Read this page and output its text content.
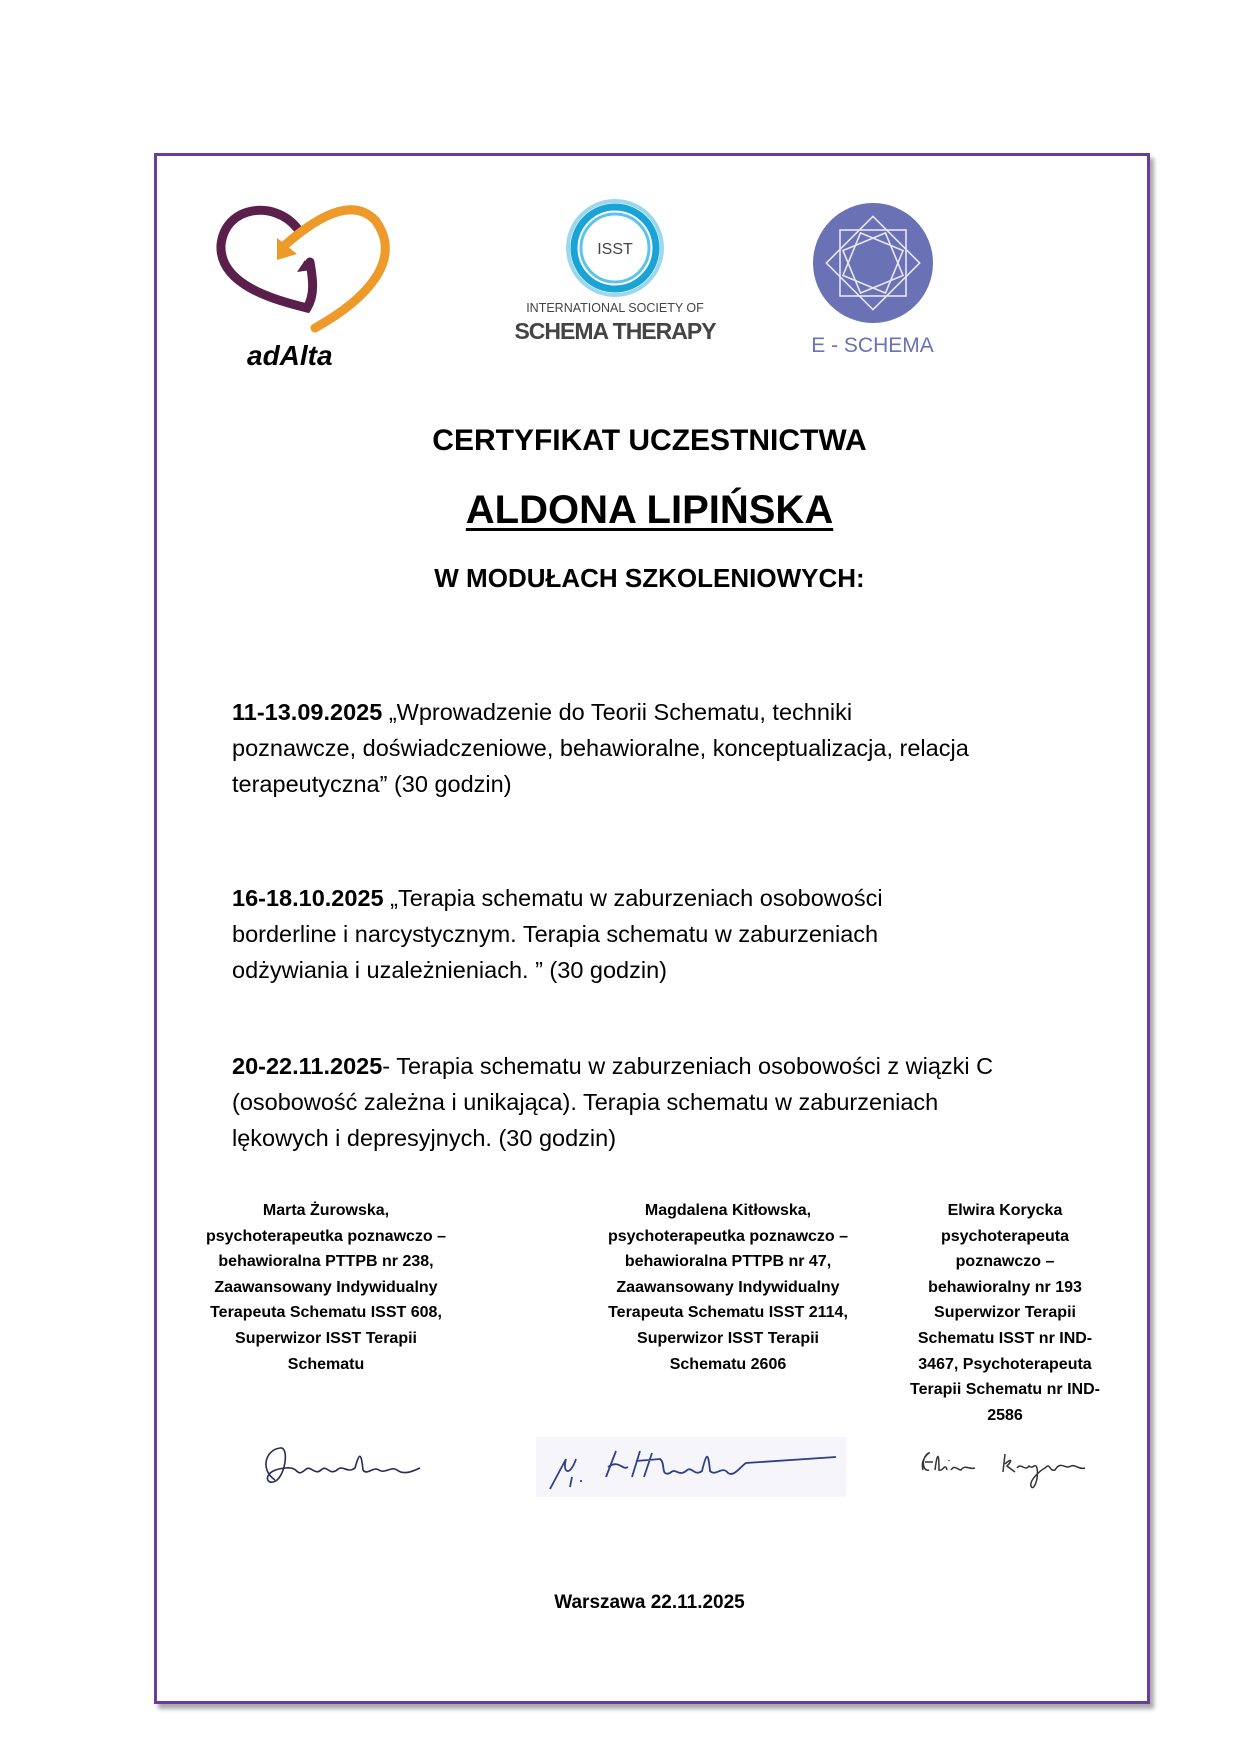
adAlta
ISST
INTERNATIONAL SOCIETY OF
SCHEMA THERAPY
E - SCHEMA
CERTYFIKAT UCZESTNICTWA
ALDONA LIPIŃSKA
W MODUŁACH SZKOLENIOWYCH:
11-13.09.2025 „Wprowadzenie do Teorii Schematu, techniki
poznawcze, doświadczeniowe, behawioralne, konceptualizacja, relacja
terapeutyczna” (30 godzin)
16-18.10.2025 „Terapia schematu w zaburzeniach osobowości
borderline i narcystycznym. Terapia schematu w zaburzeniach
odżywiania i uzależnieniach. ” (30 godzin)
20-22.11.2025- Terapia schematu w zaburzeniach osobowości z wiązki C
(osobowość zależna i unikająca). Terapia schematu w zaburzeniach
lękowych i depresyjnych. (30 godzin)
Marta Żurowska,
psychoterapeutka poznawczo –
behawioralna PTTPB nr 238,
Zaawansowany Indywidualny
Terapeuta Schematu ISST 608,
Superwizor ISST Terapii
Schematu
Magdalena Kitłowska,
psychoterapeutka poznawczo –
behawioralna PTTPB nr 47,
Zaawansowany Indywidualny
Terapeuta Schematu ISST 2114,
Superwizor ISST Terapii
Schematu 2606
Elwira Korycka
psychoterapeuta
poznawczo –
behawioralny nr 193
Superwizor Terapii
Schematu ISST nr IND-
3467, Psychoterapeuta
Terapii Schematu nr IND-
2586
Warszawa 22.11.2025
